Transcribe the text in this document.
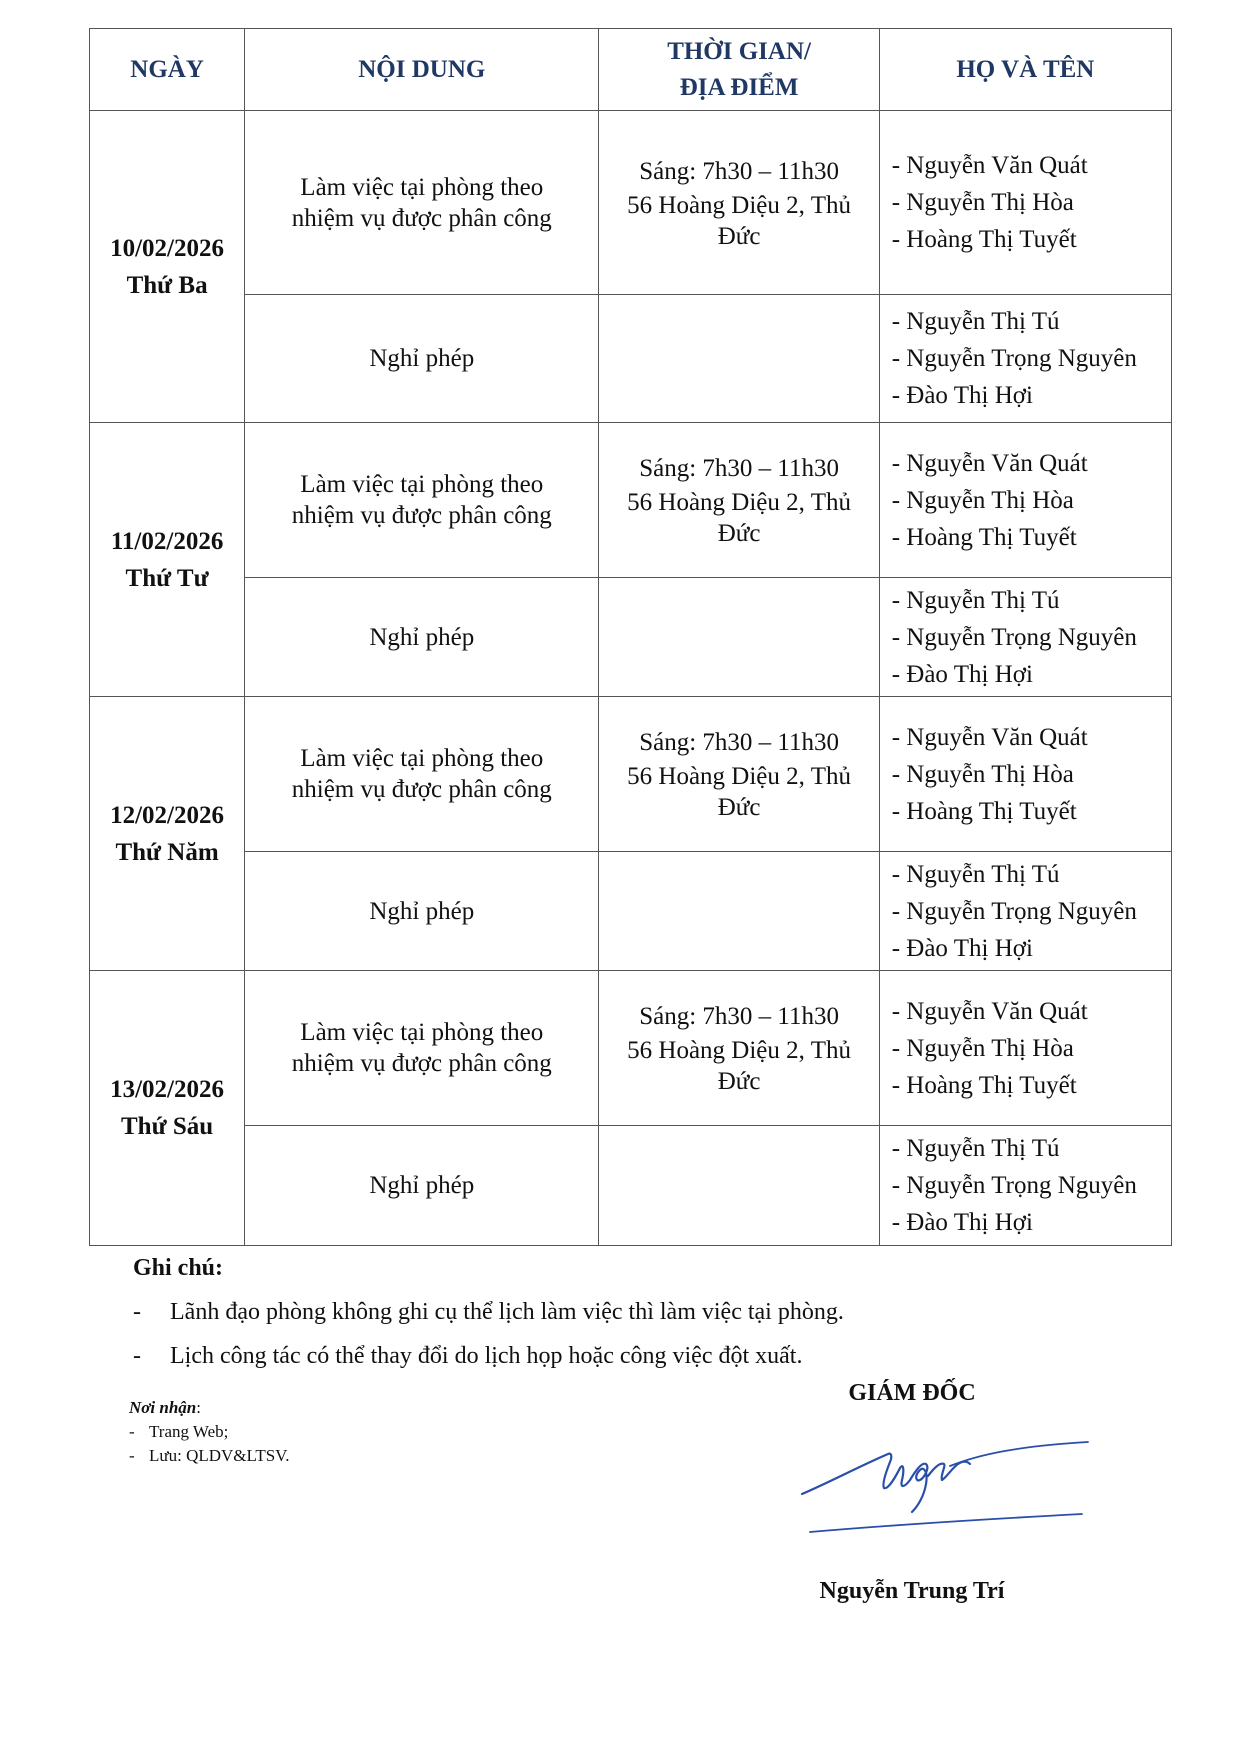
NGÀY	NỘI DUNG	THỜI GIAN/
ĐỊA ĐIỂM	HỌ VÀ TÊN

10/02/2026
Thứ Ba	Làm việc tại phòng theo
nhiệm vụ được phân công	Sáng: 7h30 – 11h30
56 Hoàng Diệu 2, Thủ
Đức	- Nguyễn Văn Quát
- Nguyễn Thị Hòa
- Hoàng Thị Tuyết

	Nghỉ phép		- Nguyễn Thị Tú
- Nguyễn Trọng Nguyên
- Đào Thị Hợi

11/02/2026
Thứ Tư	Làm việc tại phòng theo
nhiệm vụ được phân công	Sáng: 7h30 – 11h30
56 Hoàng Diệu 2, Thủ
Đức	- Nguyễn Văn Quát
- Nguyễn Thị Hòa
- Hoàng Thị Tuyết

	Nghỉ phép		- Nguyễn Thị Tú
- Nguyễn Trọng Nguyên
- Đào Thị Hợi

12/02/2026
Thứ Năm	Làm việc tại phòng theo
nhiệm vụ được phân công	Sáng: 7h30 – 11h30
56 Hoàng Diệu 2, Thủ
Đức	- Nguyễn Văn Quát
- Nguyễn Thị Hòa
- Hoàng Thị Tuyết

	Nghỉ phép		- Nguyễn Thị Tú
- Nguyễn Trọng Nguyên
- Đào Thị Hợi

13/02/2026
Thứ Sáu	Làm việc tại phòng theo
nhiệm vụ được phân công	Sáng: 7h30 – 11h30
56 Hoàng Diệu 2, Thủ
Đức	- Nguyễn Văn Quát
- Nguyễn Thị Hòa
- Hoàng Thị Tuyết

	Nghỉ phép		- Nguyễn Thị Tú
- Nguyễn Trọng Nguyên
- Đào Thị Hợi
Ghi chú:
-	Lãnh đạo phòng không ghi cụ thể lịch làm việc thì làm việc tại phòng.
-	Lịch công tác có thể thay đổi do lịch họp hoặc công việc đột xuất.
Nơi nhận:
- Trang Web;
- Lưu: QLDV&LTSV.
GIÁM ĐỐC
Nguyễn Trung Trí
